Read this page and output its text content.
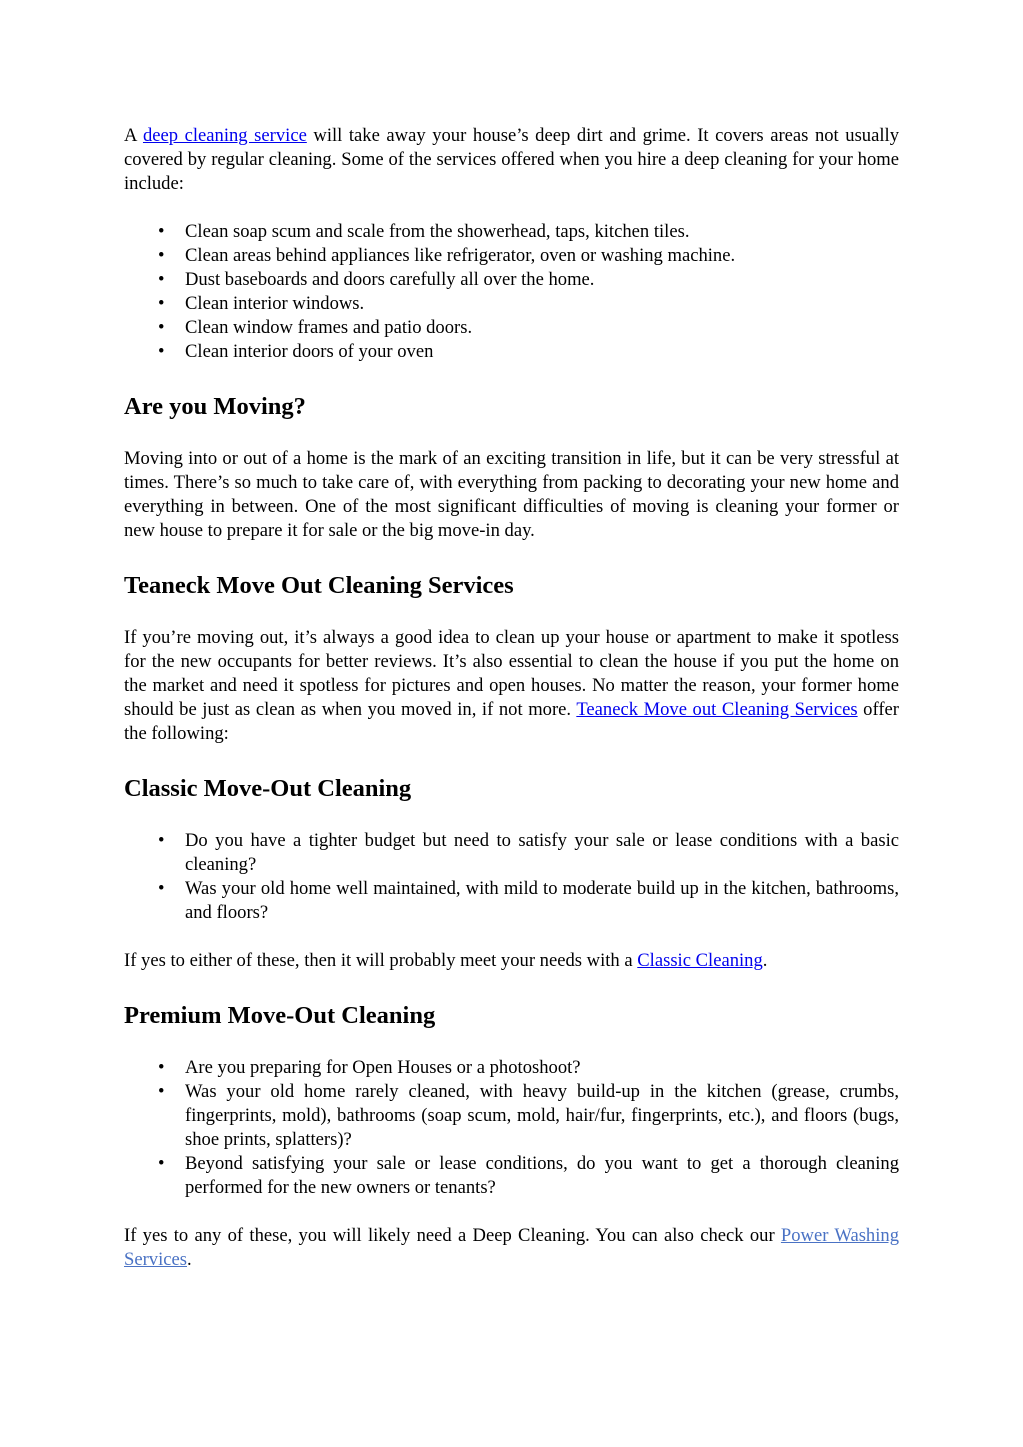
A deep cleaning service will take away your house’s deep dirt and grime. It covers areas not usually covered by regular cleaning. Some of the services offered when you hire a deep cleaning for your home include:

• Clean soap scum and scale from the showerhead, taps, kitchen tiles.
• Clean areas behind appliances like refrigerator, oven or washing machine.
• Dust baseboards and doors carefully all over the home.
• Clean interior windows.
• Clean window frames and patio doors.
• Clean interior doors of your oven
Are you Moving?

Moving into or out of a home is the mark of an exciting transition in life, but it can be very stressful at times. There’s so much to take care of, with everything from packing to decorating your new home and everything in between. One of the most significant difficulties of moving is cleaning your former or new house to prepare it for sale or the big move-in day.

Teaneck Move Out Cleaning Services

If you’re moving out, it’s always a good idea to clean up your house or apartment to make it spotless for the new occupants for better reviews. It’s also essential to clean the house if you put the home on the market and need it spotless for pictures and open houses. No matter the reason, your former home should be just as clean as when you moved in, if not more. Teaneck Move out Cleaning Services offer the following:

Classic Move-Out Cleaning
• Do you have a tighter budget but need to satisfy your sale or lease conditions with a basic cleaning?
• Was your old home well maintained, with mild to moderate build up in the kitchen, bathrooms, and floors?

If yes to either of these, then it will probably meet your needs with a Classic Cleaning.

Premium Move-Out Cleaning
• Are you preparing for Open Houses or a photoshoot?
• Was your old home rarely cleaned, with heavy build-up in the kitchen (grease, crumbs, fingerprints, mold), bathrooms (soap scum, mold, hair/fur, fingerprints, etc.), and floors (bugs, shoe prints, splatters)?
• Beyond satisfying your sale or lease conditions, do you want to get a thorough cleaning performed for the new owners or tenants?

If yes to any of these, you will likely need a Deep Cleaning. You can also check our Power Washing Services.
